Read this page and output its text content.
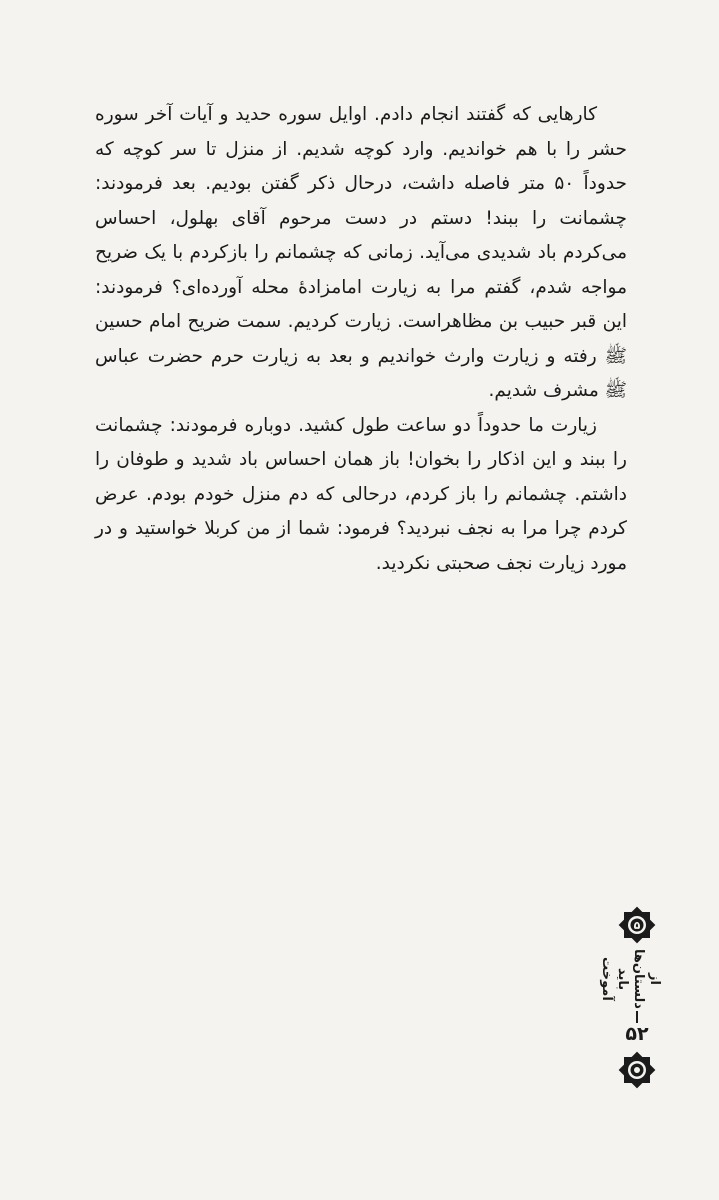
کارهایی که گفتند انجام دادم. اوایل سوره حدید و آیات آخر سوره حشر را با هم خواندیم. وارد کوچه شدیم. از منزل تا سر کوچه که حدوداً ۵۰ متر فاصله داشت، درحال ذکر گفتن بودیم. بعد فرمودند: چشمانت را ببند! دستم در دست مرحوم آقای بهلول، احساس می‌کردم باد شدیدی می‌آید. زمانی که چشمانم را بازکردم با یک ضریح مواجه شدم، گفتم مرا به زیارت امامزادهٔ محله آورده‌ای؟ فرمودند: این قبر حبیب بن مظاهراست. زیارت کردیم. سمت ضریح امام حسین ﷺ رفته و زیارت وارث خواندیم و بعد به زیارت حرم حضرت عباس ﷺ مشرف شدیم.

زیارت ما حدوداً دو ساعت طول کشید. دوباره فرمودند: چشمانت را ببند و این اذکار را بخوان! باز همان احساس باد شدید و طوفان را داشتم. چشمانم را باز کردم، درحالی که دم منزل خودم بودم. عرض کردم چرا مرا به نجف نبردید؟ فرمود: شما از من کربلا خواستید و در مورد زیارت نجف صحبتی نکردید.

۵
از دلستان‌ها باید آموخت
۵۲
